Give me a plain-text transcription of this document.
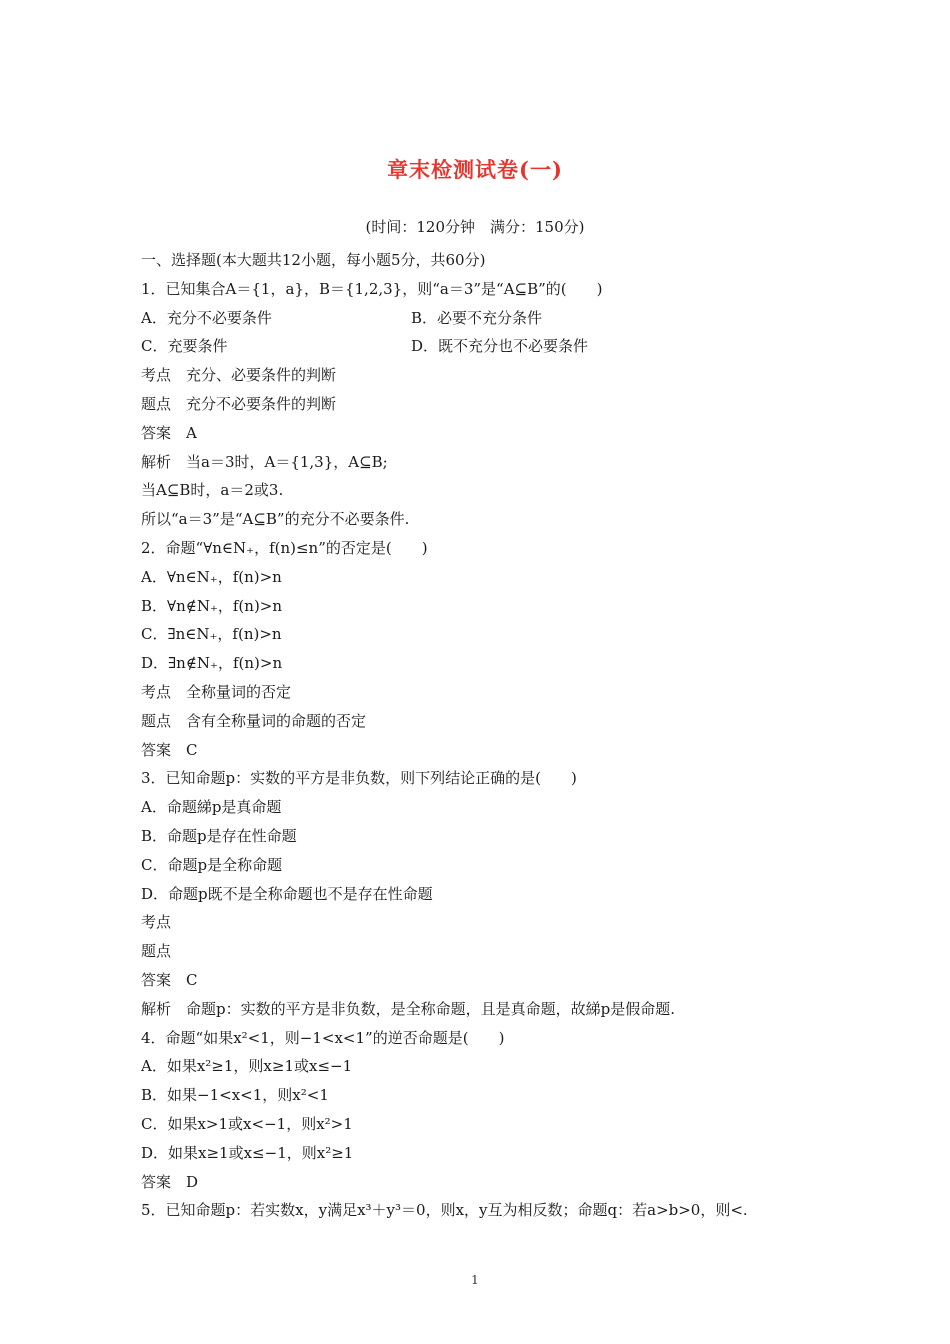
章末检测试卷(一)
(时间：120分钟　满分：150分)
一、选择题(本大题共12小题，每小题5分，共60分)
1．已知集合A＝{1，a}，B＝{1,2,3}，则“a＝3”是“A⊆B”的(　　)
A．充分不必要条件	B．必要不充分条件
C．充要条件	D．既不充分也不必要条件
考点　充分、必要条件的判断
题点　充分不必要条件的判断
答案　A
解析　当a＝3时，A＝{1,3}，A⊆B;
当A⊆B时，a＝2或3.
所以“a＝3”是“A⊆B”的充分不必要条件.
2．命题“∀n∈N₊，f(n)≤n”的否定是(　　)
A．∀n∈N₊，f(n)>n
B．∀n∉N₊，f(n)>n
C．∃n∈N₊，f(n)>n
D．∃n∉N₊，f(n)>n
考点　全称量词的否定
题点　含有全称量词的命题的否定
答案　C
3．已知命题p：实数的平方是非负数，则下列结论正确的是(　　)
A．命题綈p是真命题
B．命题p是存在性命题
C．命题p是全称命题
D．命题p既不是全称命题也不是存在性命题
考点
题点
答案　C
解析　命题p：实数的平方是非负数，是全称命题，且是真命题，故綈p是假命题.
4．命题“如果x²<1，则−1<x<1”的逆否命题是(　　)
A．如果x²≥1，则x≥1或x≤−1
B．如果−1<x<1，则x²<1
C．如果x>1或x<−1，则x²>1
D．如果x≥1或x≤−1，则x²≥1
答案　D
5．已知命题p：若实数x，y满足x³＋y³＝0，则x，y互为相反数；命题q：若a>b>0，则<.
1
